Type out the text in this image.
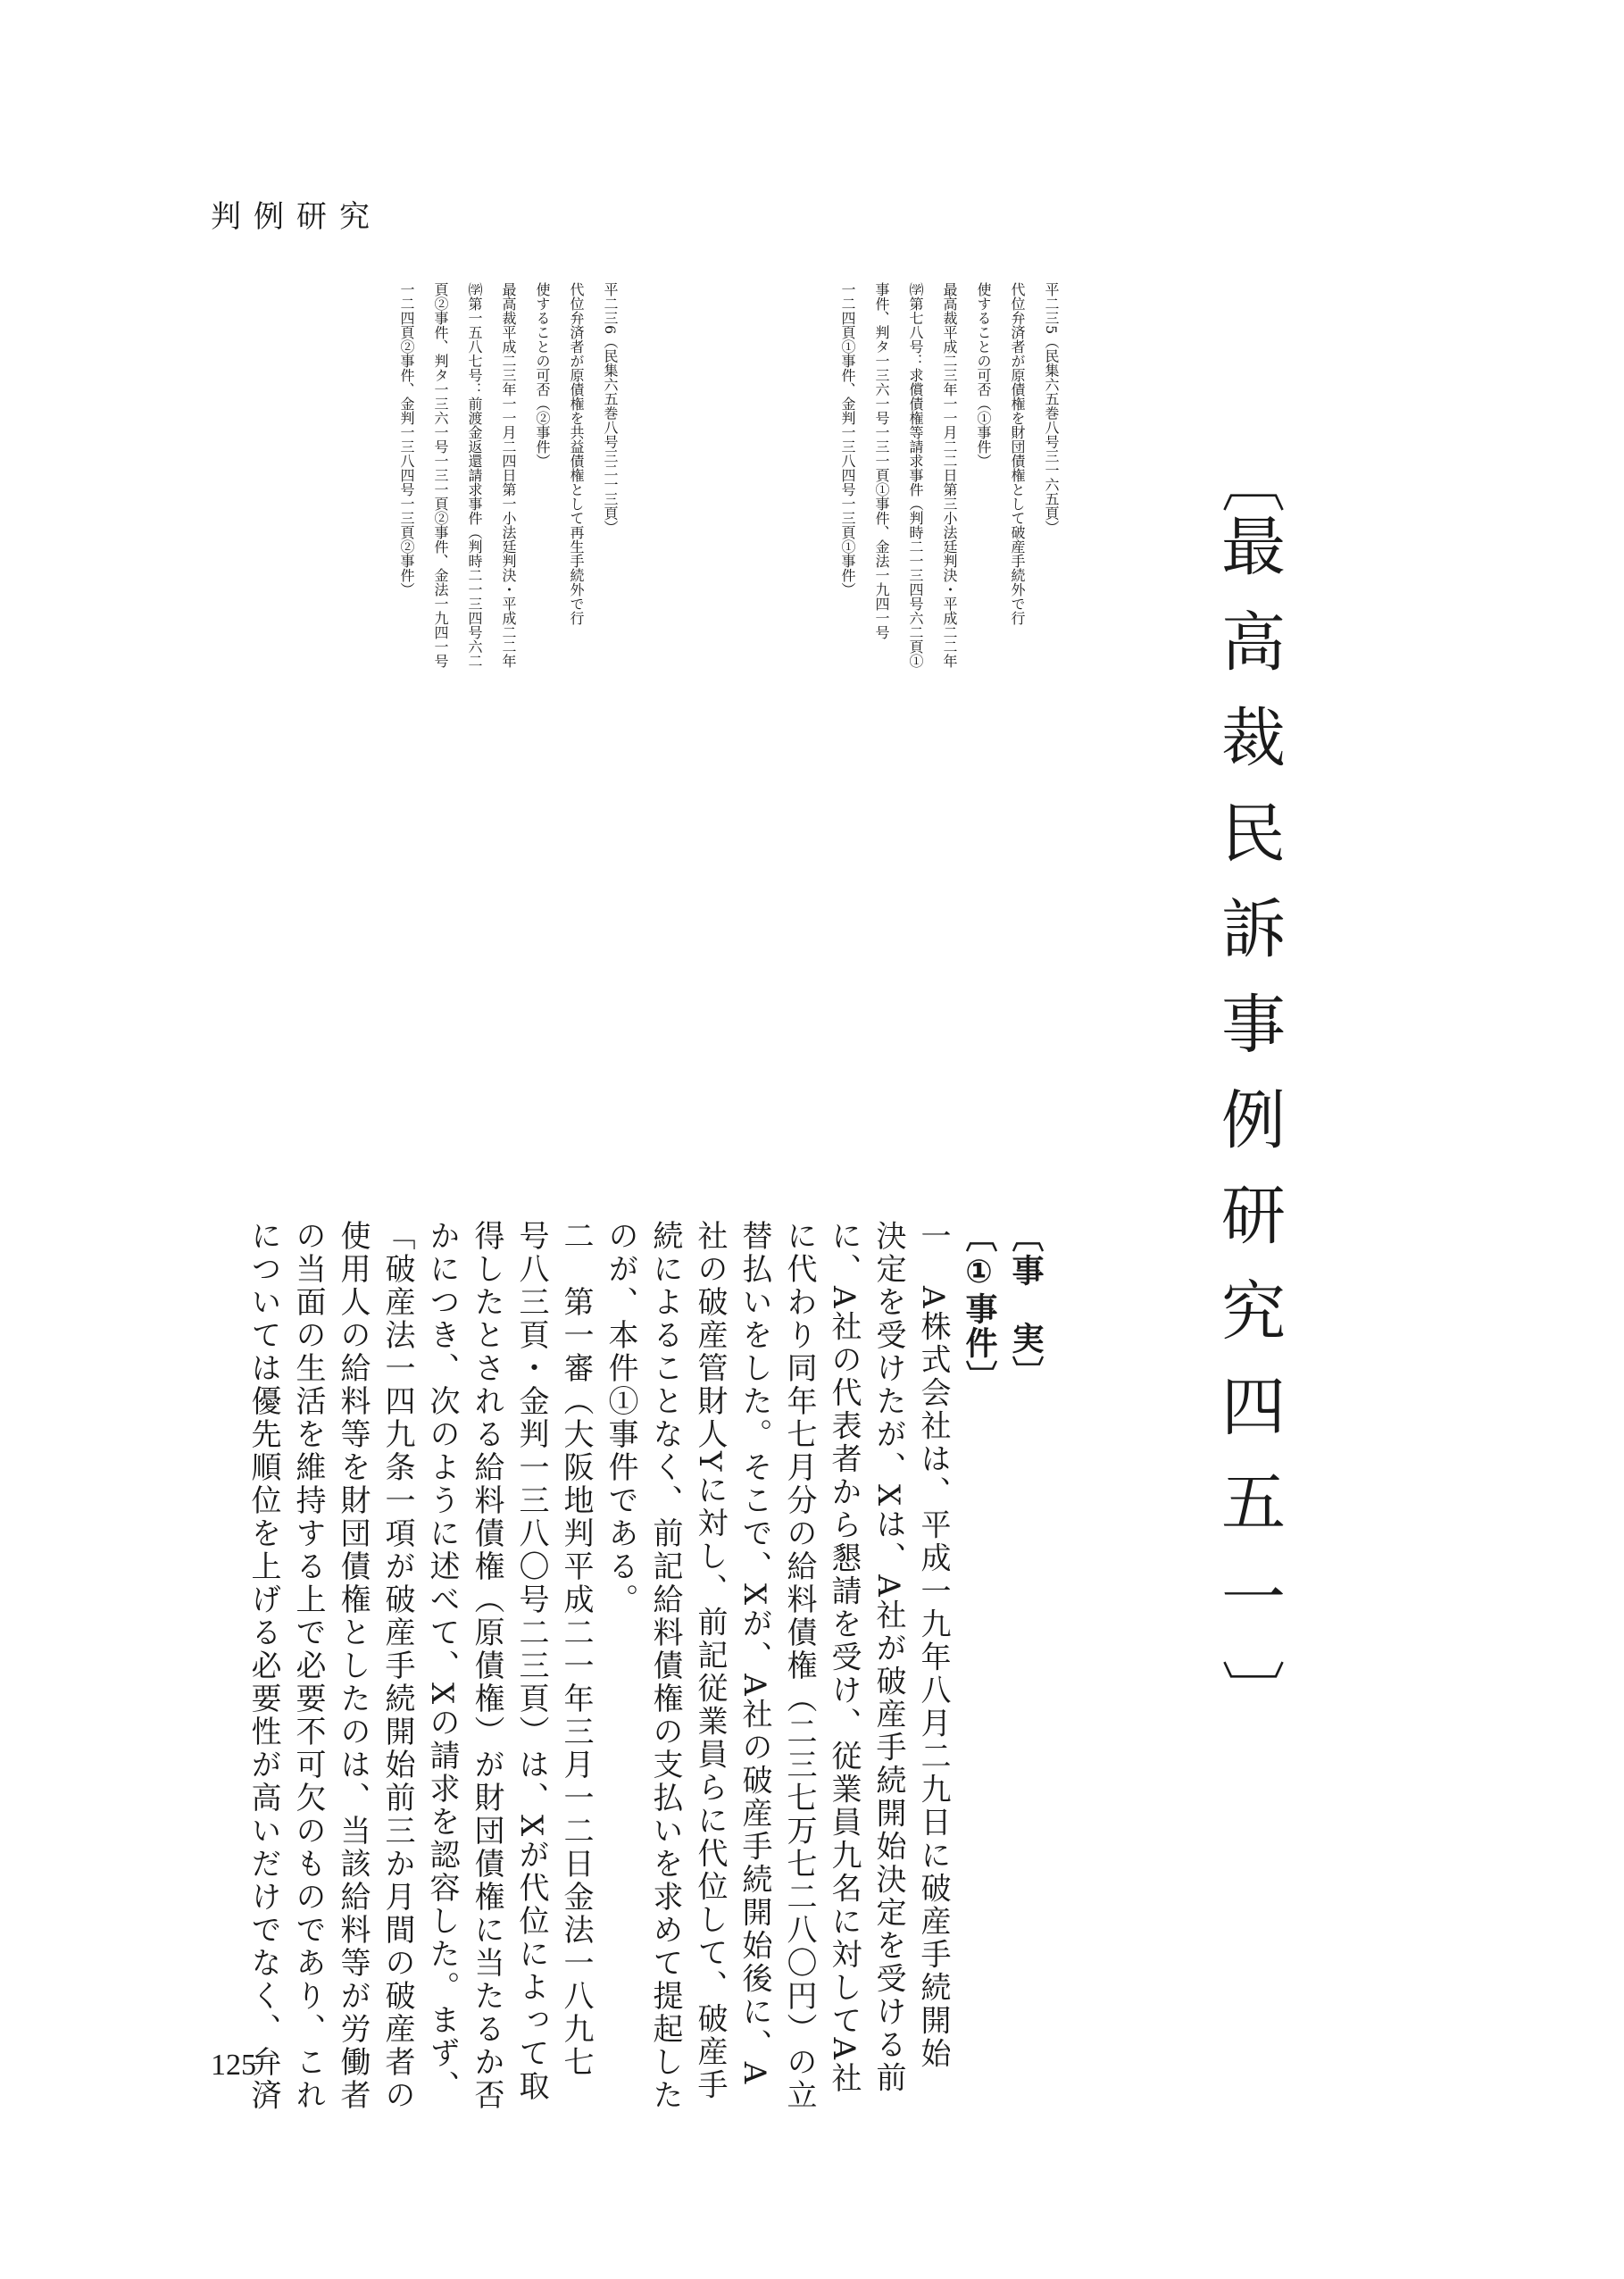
判例研究
〔
最高裁民訴事例研究四五一
〕

平二三5（民集六五巻八号三一六五頁）

代位弁済者が原債権を財団債権として破産手続外で行

使することの可否（①事件）

最高裁平成二三年一一月二二日第三小法廷判決・平成二二年

㈻第七八号：求償債権等請求事件（判時二一三四号六二頁①

事件、判タ一三六一号一三一頁①事件、金法一九四一号

一二四頁①事件、金判一三八四号一三頁①事件）

平二三6（民集六五巻八号三二一三頁）

代位弁済者が原債権を共益債権として再生手続外で行

使することの可否（②事件）

最高裁平成二三年一一月二四日第一小法廷判決・平成二二年

㈻第一五八七号：前渡金返還請求事件（判時二一三四号六二

頁②事件、判タ一三六一号一三一頁②事件、金法一九四一号

一二四頁②事件、金判一三八四号一三頁②事件）

〔事　実〕

〔①事件〕

一　A株式会社は、平成一九年八月二九日に破産手続開始

決定を受けたが、Xは、A社が破産手続開始決定を受ける前

に、A社の代表者から懇請を受け、従業員九名に対してA社

に代わり同年七月分の給料債権（二三七万七二八〇円）の立

替払いをした。そこで、Xが、A社の破産手続開始後に、A

社の破産管財人Yに対し、前記従業員らに代位して、破産手

続によることなく、前記給料債権の支払いを求めて提起した

のが、本件①事件である。

二　第一審（大阪地判平成二一年三月一二日金法一八九七

号八三頁・金判一三八〇号二三頁）は、Xが代位によって取

得したとされる給料債権（原債権）が財団債権に当たるか否

かにつき、次のように述べて、Xの請求を認容した。まず、

「破産法一四九条一項が破産手続開始前三か月間の破産者の

使用人の給料等を財団債権としたのは、当該給料等が労働者

の当面の生活を維持する上で必要不可欠のものであり、これ

については優先順位を上げる必要性が高いだけでなく、弁済

125
